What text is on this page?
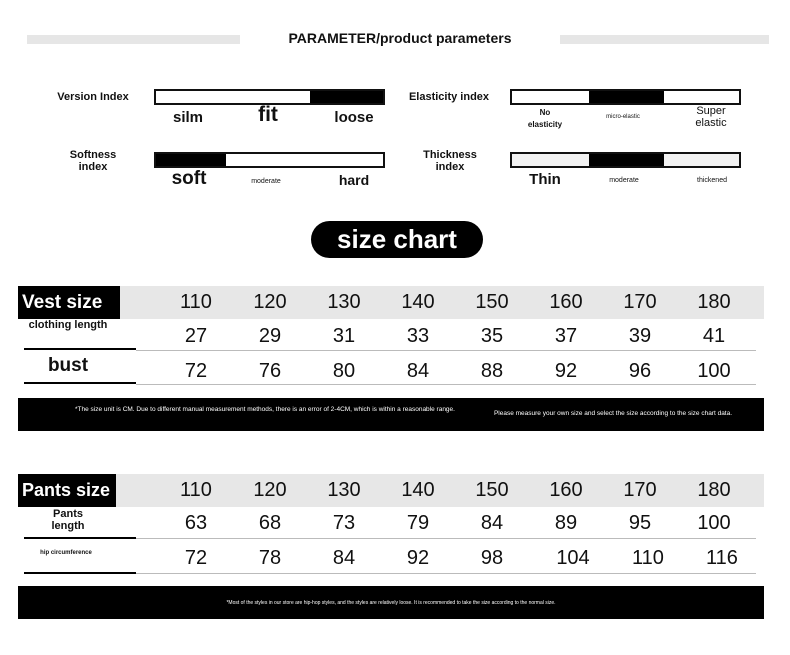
PARAMETER/product parameters
Version Index
silm	fit	loose
Elasticity index
No elasticity
micro-elastic	Super elastic
Softness index
soft	moderate	hard
Thickness index
Thin	moderate	thickened
size chart
Vest size	110	120	130	140	150	160	170	180
clothing length	27	29	31	33	35	37	39	41
bust	72	76	80	84	88	92	96	100
*The size unit is CM. Due to different manual measurement methods, there is an error of 2-4CM, which is within a reasonable range.
Please measure your own size and select the size according to the size chart data.
Pants size	110	120	130	140	150	160	170	180
Pants length	63	68	73	79	84	89	95	100
hip circumference	72	78	84	92	98	104	110	116
*Most of the styles in our store are hip-hop styles, and the styles are relatively loose. It is recommended to take the size according to the normal size.
